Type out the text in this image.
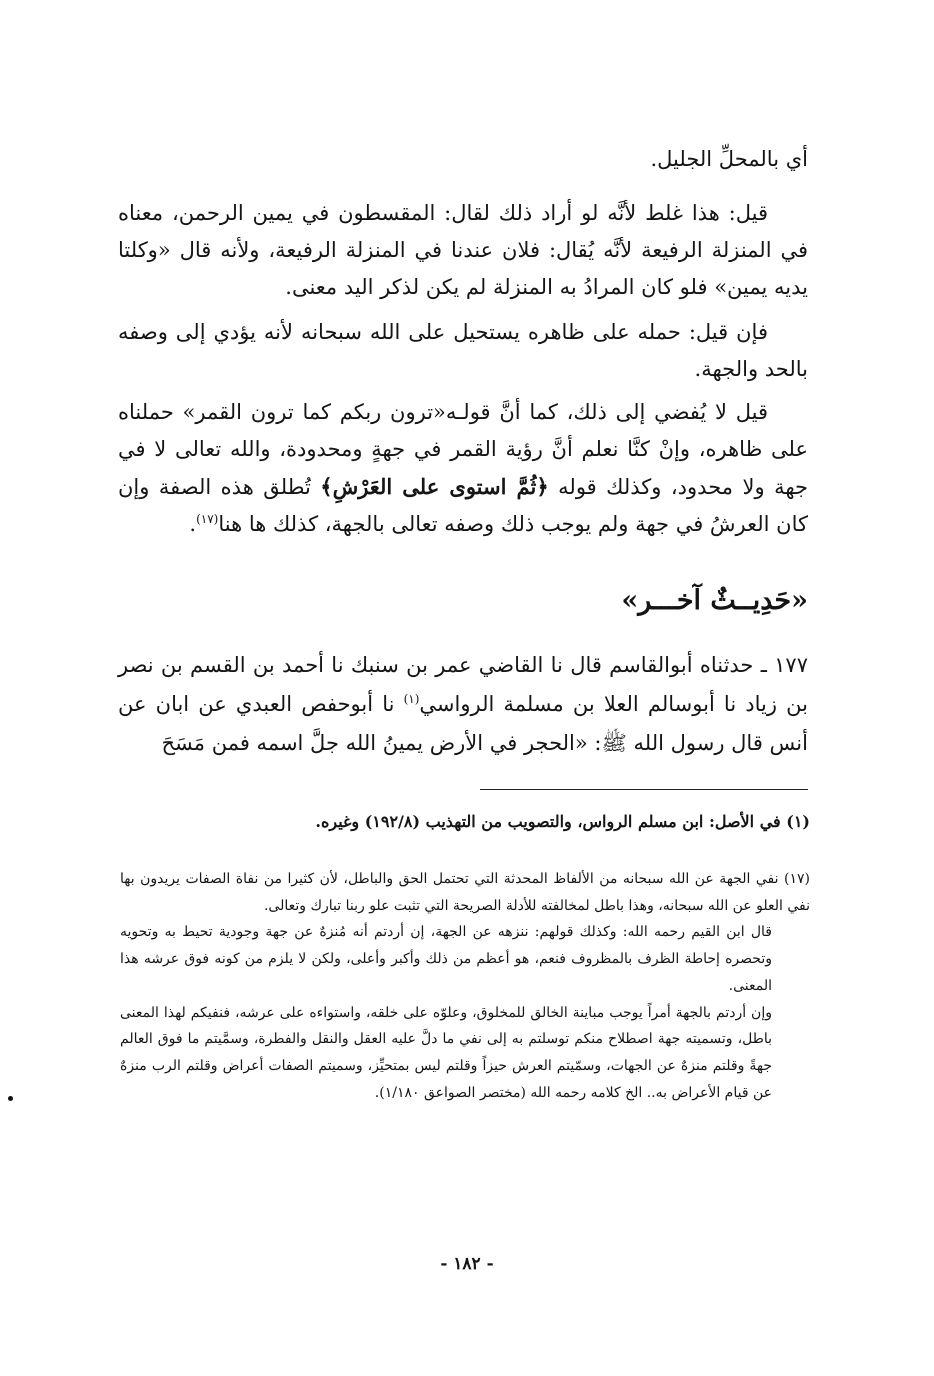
أي بالمحلِّ الجليل.

قيل: هذا غلط لأنَّه لو أراد ذلك لقال: المقسطون في يمين الرحمن، معناه في المنزلة الرفيعة لأنَّه يُقال: فلان عندنا في المنزلة الرفيعة، ولأنه قال «وكلتا يديه يمين» فلو كان المرادُ به المنزلة لم يكن لذكر اليد معنى.

فإن قيل: حمله على ظاهره يستحيل على الله سبحانه لأنه يؤدي إلى وصفه بالحد والجهة.

قيل لا يُفضي إلى ذلك، كما أنَّ قولـه«ترون ربكم كما ترون القمر» حملناه على ظاهره، وإنْ كنَّا نعلم أنَّ رؤية القمر في جهةٍ ومحدودة، والله تعالى لا في جهة ولا محدود، وكذلك قوله ﴿ثُمَّ استوى على العَرْشِ﴾ تُطلق هذه الصفة وإن كان العرشُ في جهة ولم يوجب ذلك وصفه تعالى بالجهة، كذلك ها هنا$^{(١٧)}$.

«حَدِيــثٌ آخـــر»

١٧٧ ـ حدثناه أبوالقاسم قال نا القاضي عمر بن سنبك نا أحمد بن القسم بن نصر بن زياد نا أبوسالم العلا بن مسلمة الرواسي$^{(١)}$ نا أبوحفص العبدي عن ابان عن أنس قال رسول الله ﷺ: «الحجر في الأرض يمينُ الله جلَّ اسمه فمن مَسَحَ

(١) في الأصل: ابن مسلم الرواس، والتصويب من التهذيب (١٩٢/٨) وغيره.

(١٧) نفي الجهة عن الله سبحانه من الألفاظ المحدثة التي تحتمل الحق والباطل، لأن كثيرا من نفاة الصفات يريدون بها نفي العلو عن الله سبحانه، وهذا باطل لمخالفته للأدلة الصريحة التي تثبت علو ربنا تبارك وتعالى.

قال ابن القيم رحمه الله: وكذلك قولهم: ننزهه عن الجهة، إن أردتم أنه مُنزهٌ عن جهة وجودية تحيط به وتحويه وتحصره إحاطة الظرف بالمظروف فنعم، هو أعظم من ذلك وأكبر وأعلى، ولكن لا يلزم من كونه فوق عرشه هذا المعنى.

وإن أردتم بالجهة أمراً يوجب مباينة الخالق للمخلوق، وعلوّه على خلقه، واستواءه على عرشه، فنفيكم لهذا المعنى باطل، وتسميته جهة اصطلاح منكم توسلتم به إلى نفي ما دلَّ عليه العقل والنقل والفطرة، وسمَّيتم ما فوق العالم جهةً وقلتم منزهٌ عن الجهات، وسمّيتم العرش حيزاً وقلتم ليس بمتحيِّز، وسميتم الصفات أعراض وقلتم الرب منزهٌ عن قيام الأعراض به.. الخ كلامه رحمه الله (مختصر الصواعق ١/١٨٠).

- ١٨٢ -
